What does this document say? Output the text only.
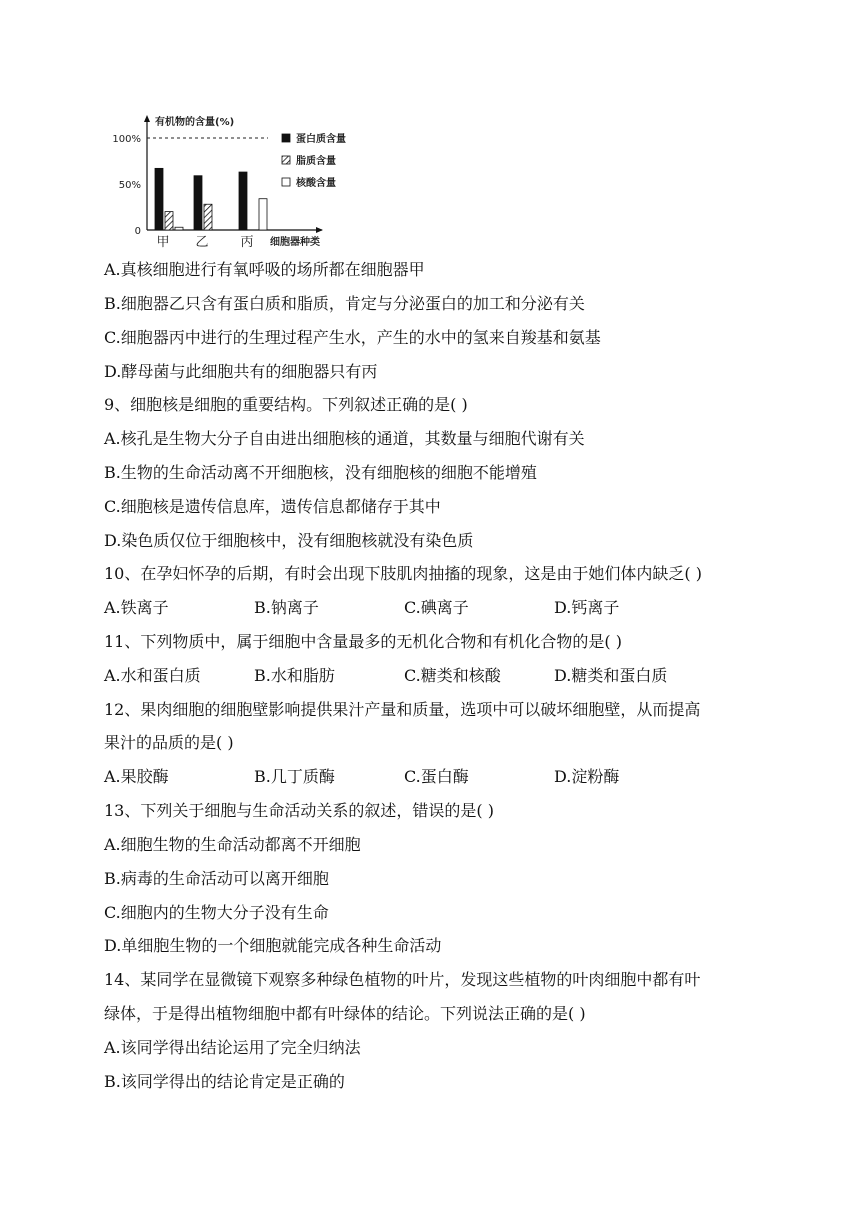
0
50%
100%
有机物的含量(%)
甲 乙 丙 细胞器种类
蛋白质含量
脂质含量
核酸含量
A.真核细胞进行有氧呼吸的场所都在细胞器甲
B.细胞器乙只含有蛋白质和脂质，肯定与分泌蛋白的加工和分泌有关
C.细胞器丙中进行的生理过程产生水，产生的水中的氢来自羧基和氨基
D.酵母菌与此细胞共有的细胞器只有丙
9、细胞核是细胞的重要结构。下列叙述正确的是( )
A.核孔是生物大分子自由进出细胞核的通道，其数量与细胞代谢有关
B.生物的生命活动离不开细胞核，没有细胞核的细胞不能增殖
C.细胞核是遗传信息库，遗传信息都储存于其中
D.染色质仅位于细胞核中，没有细胞核就没有染色质
10、在孕妇怀孕的后期，有时会出现下肢肌肉抽搐的现象，这是由于她们体内缺乏( )
A.铁离子	B.钠离子	C.碘离子	D.钙离子
11、下列物质中，属于细胞中含量最多的无机化合物和有机化合物的是( )
A.水和蛋白质	B.水和脂肪	C.糖类和核酸	D.糖类和蛋白质
12、果肉细胞的细胞壁影响提供果汁产量和质量，选项中可以破坏细胞壁，从而提高
果汁的品质的是( )
A.果胶酶	B.几丁质酶	C.蛋白酶	D.淀粉酶
13、下列关于细胞与生命活动关系的叙述，错误的是( )
A.细胞生物的生命活动都离不开细胞
B.病毒的生命活动可以离开细胞
C.细胞内的生物大分子没有生命
D.单细胞生物的一个细胞就能完成各种生命活动
14、某同学在显微镜下观察多种绿色植物的叶片，发现这些植物的叶肉细胞中都有叶
绿体，于是得出植物细胞中都有叶绿体的结论。下列说法正确的是( )
A.该同学得出结论运用了完全归纳法
B.该同学得出的结论肯定是正确的
